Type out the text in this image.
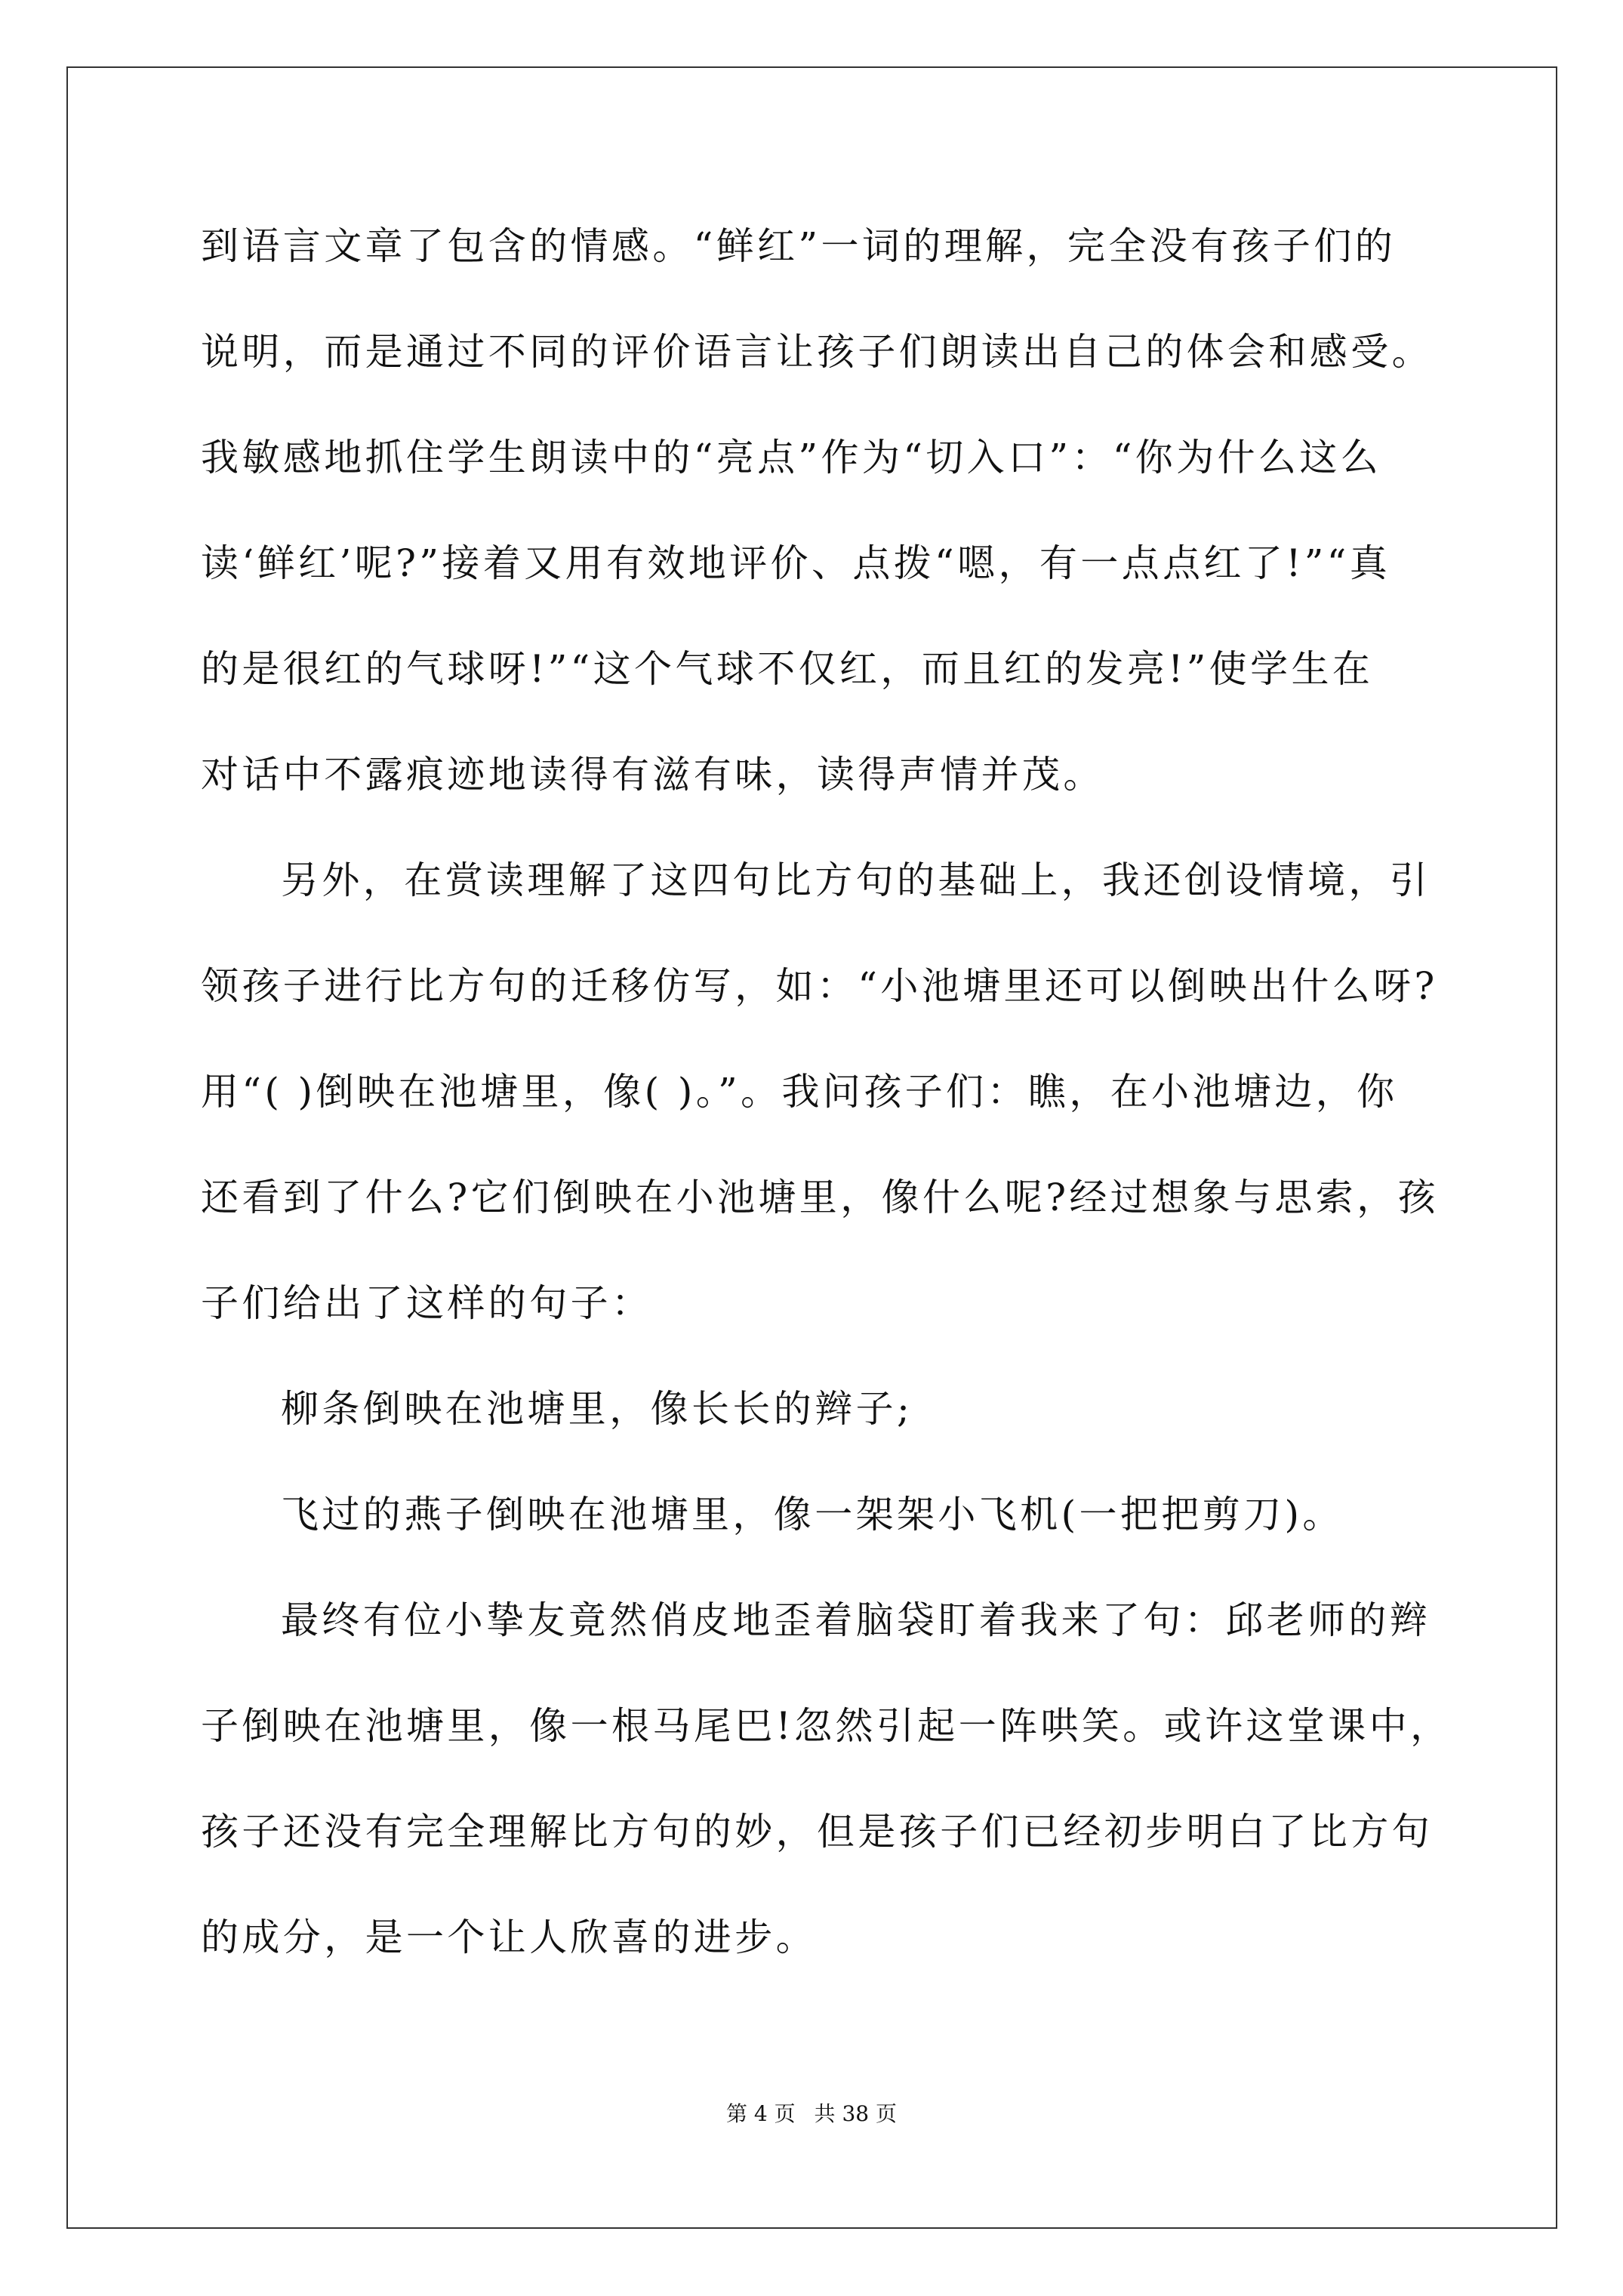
到语言文章了包含的情感。“鲜红”一词的理解，完全没有孩子们的
说明，而是通过不同的评价语言让孩子们朗读出自己的体会和感受。
我敏感地抓住学生朗读中的“亮点”作为“切入口”：“你为什么这么
读‘鲜红’呢?”接着又用有效地评价、点拨“嗯，有一点点红了!”“真
的是很红的气球呀!”“这个气球不仅红，而且红的发亮!”使学生在
对话中不露痕迹地读得有滋有味，读得声情并茂。
另外，在赏读理解了这四句比方句的基础上，我还创设情境，引
领孩子进行比方句的迁移仿写，如：“小池塘里还可以倒映出什么呀?
用“( )倒映在池塘里，像( )。”。我问孩子们：瞧，在小池塘边，你
还看到了什么?它们倒映在小池塘里，像什么呢?经过想象与思索，孩
子们给出了这样的句子：
柳条倒映在池塘里，像长长的辫子;
飞过的燕子倒映在池塘里，像一架架小飞机(一把把剪刀)。
最终有位小挚友竟然俏皮地歪着脑袋盯着我来了句：邱老师的辫
子倒映在池塘里，像一根马尾巴!忽然引起一阵哄笑。或许这堂课中，
孩子还没有完全理解比方句的妙，但是孩子们已经初步明白了比方句
的成分，是一个让人欣喜的进步。
第 4 页 共 38 页
